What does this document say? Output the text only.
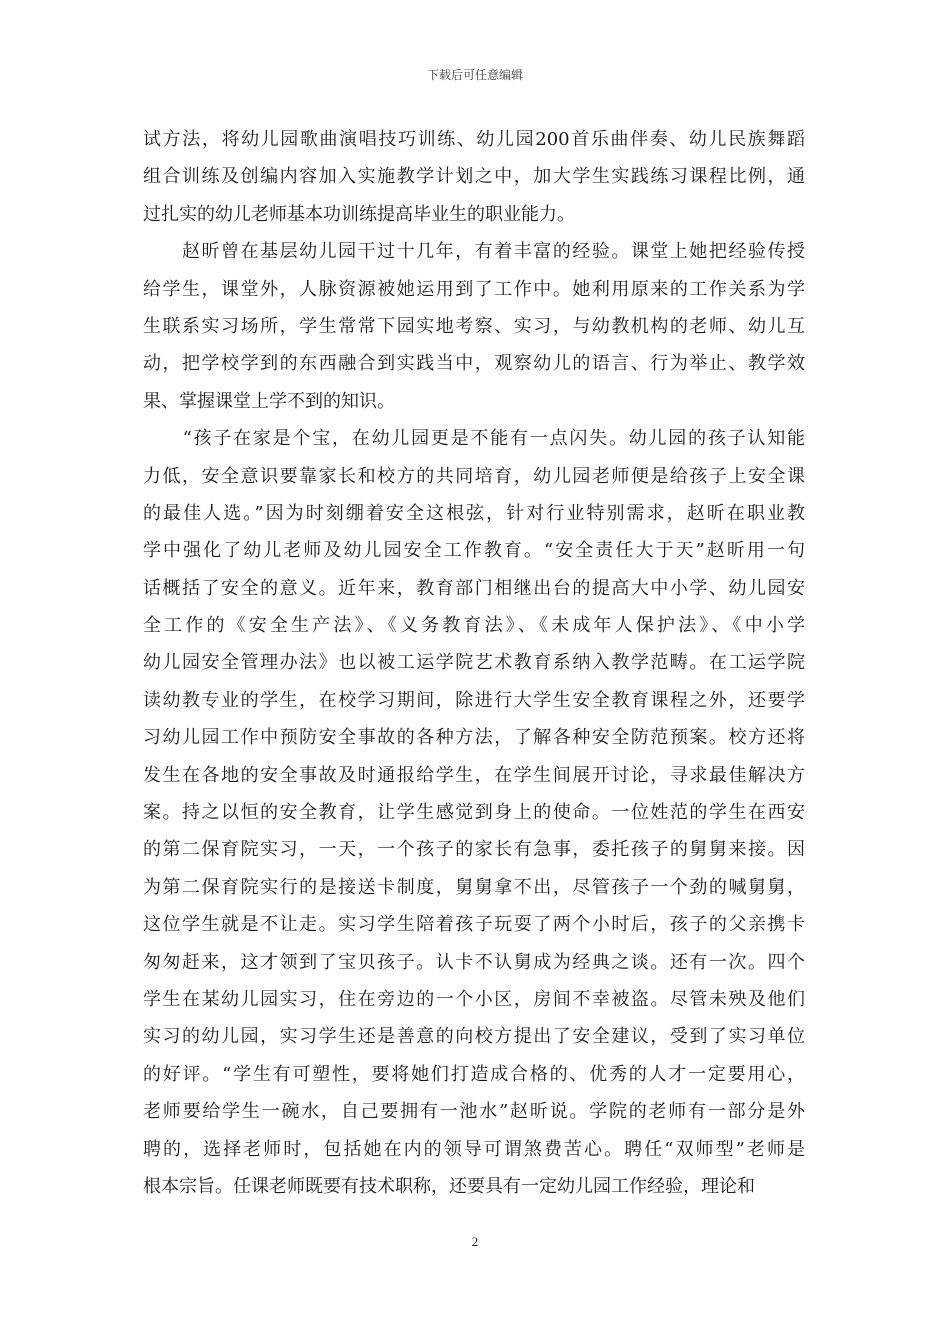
下载后可任意编辑
试方法，将幼儿园歌曲演唱技巧训练、幼儿园200首乐曲伴奏、幼儿民族舞蹈
组合训练及创编内容加入实施教学计划之中，加大学生实践练习课程比例，通
过扎实的幼儿老师基本功训练提高毕业生的职业能力。
　　赵昕曾在基层幼儿园干过十几年，有着丰富的经验。课堂上她把经验传授
给学生，课堂外，人脉资源被她运用到了工作中。她利用原来的工作关系为学
生联系实习场所，学生常常下园实地考察、实习，与幼教机构的老师、幼儿互
动，把学校学到的东西融合到实践当中，观察幼儿的语言、行为举止、教学效
果、掌握课堂上学不到的知识。
　　“孩子在家是个宝，在幼儿园更是不能有一点闪失。幼儿园的孩子认知能
力低，安全意识要靠家长和校方的共同培育，幼儿园老师便是给孩子上安全课
的最佳人选。”因为时刻绷着安全这根弦，针对行业特别需求，赵昕在职业教
学中强化了幼儿老师及幼儿园安全工作教育。“安全责任大于天”赵昕用一句
话概括了安全的意义。近年来，教育部门相继出台的提高大中小学、幼儿园安
全工作的《安全生产法》、《义务教育法》、《未成年人保护法》、《中小学
幼儿园安全管理办法》也以被工运学院艺术教育系纳入教学范畴。在工运学院
读幼教专业的学生，在校学习期间，除进行大学生安全教育课程之外，还要学
习幼儿园工作中预防安全事故的各种方法，了解各种安全防范预案。校方还将
发生在各地的安全事故及时通报给学生，在学生间展开讨论，寻求最佳解决方
案。持之以恒的安全教育，让学生感觉到身上的使命。一位姓范的学生在西安
的第二保育院实习，一天，一个孩子的家长有急事，委托孩子的舅舅来接。因
为第二保育院实行的是接送卡制度，舅舅拿不出，尽管孩子一个劲的喊舅舅，
这位学生就是不让走。实习学生陪着孩子玩耍了两个小时后，孩子的父亲携卡
匆匆赶来，这才领到了宝贝孩子。认卡不认舅成为经典之谈。还有一次。四个
学生在某幼儿园实习，住在旁边的一个小区，房间不幸被盗。尽管未殃及他们
实习的幼儿园，实习学生还是善意的向校方提出了安全建议，受到了实习单位
的好评。“学生有可塑性，要将她们打造成合格的、优秀的人才一定要用心，
老师要给学生一碗水，自己要拥有一池水”赵昕说。学院的老师有一部分是外
聘的，选择老师时，包括她在内的领导可谓煞费苦心。聘任“双师型”老师是
根本宗旨。任课老师既要有技术职称，还要具有一定幼儿园工作经验，理论和
2
